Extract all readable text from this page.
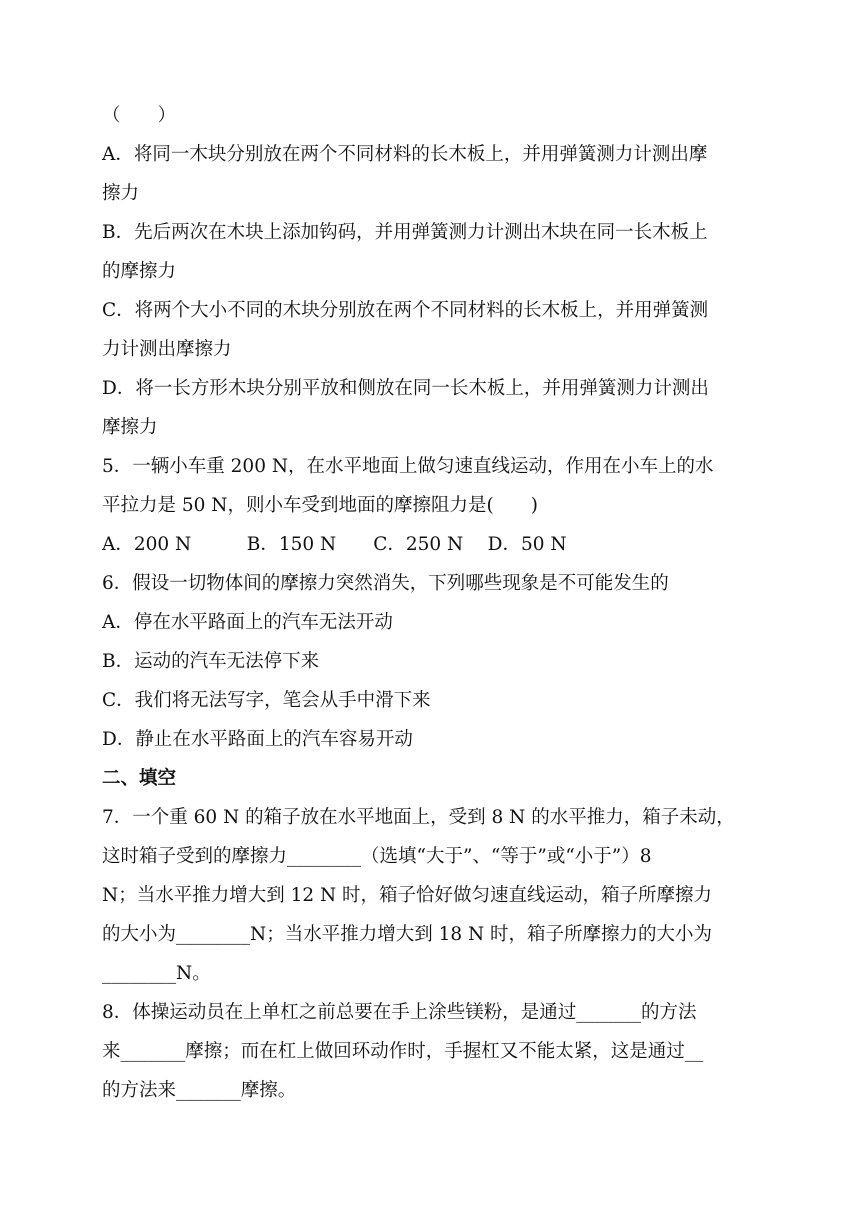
（　　）
A．将同一木块分别放在两个不同材料的长木板上，并用弹簧测力计测出摩
擦力
B．先后两次在木块上添加钩码，并用弹簧测力计测出木块在同一长木板上
的摩擦力
C．将两个大小不同的木块分别放在两个不同材料的长木板上，并用弹簧测
力计测出摩擦力
D．将一长方形木块分别平放和侧放在同一长木板上，并用弹簧测力计测出
摩擦力
5．一辆小车重 200 N，在水平地面上做匀速直线运动，作用在小车上的水
平拉力是 50 N，则小车受到地面的摩擦阻力是(　　)
A．200 N　　　B．150 N　　C．250 N　 D．50 N
6．假设一切物体间的摩擦力突然消失，下列哪些现象是不可能发生的
A．停在水平路面上的汽车无法开动
B．运动的汽车无法停下来
C．我们将无法写字，笔会从手中滑下来
D．静止在水平路面上的汽车容易开动
二、填空
7．一个重 60 N 的箱子放在水平地面上，受到 8 N 的水平推力，箱子未动，
这时箱子受到的摩擦力________（选填“大于”、“等于”或“小于”）8
N；当水平推力增大到 12 N 时，箱子恰好做匀速直线运动，箱子所摩擦力
的大小为________N；当水平推力增大到 18 N 时，箱子所摩擦力的大小为
________N。
8．体操运动员在上单杠之前总要在手上涂些镁粉，是通过_______的方法
来_______摩擦；而在杠上做回环动作时，手握杠又不能太紧，这是通过__
的方法来_______摩擦。
